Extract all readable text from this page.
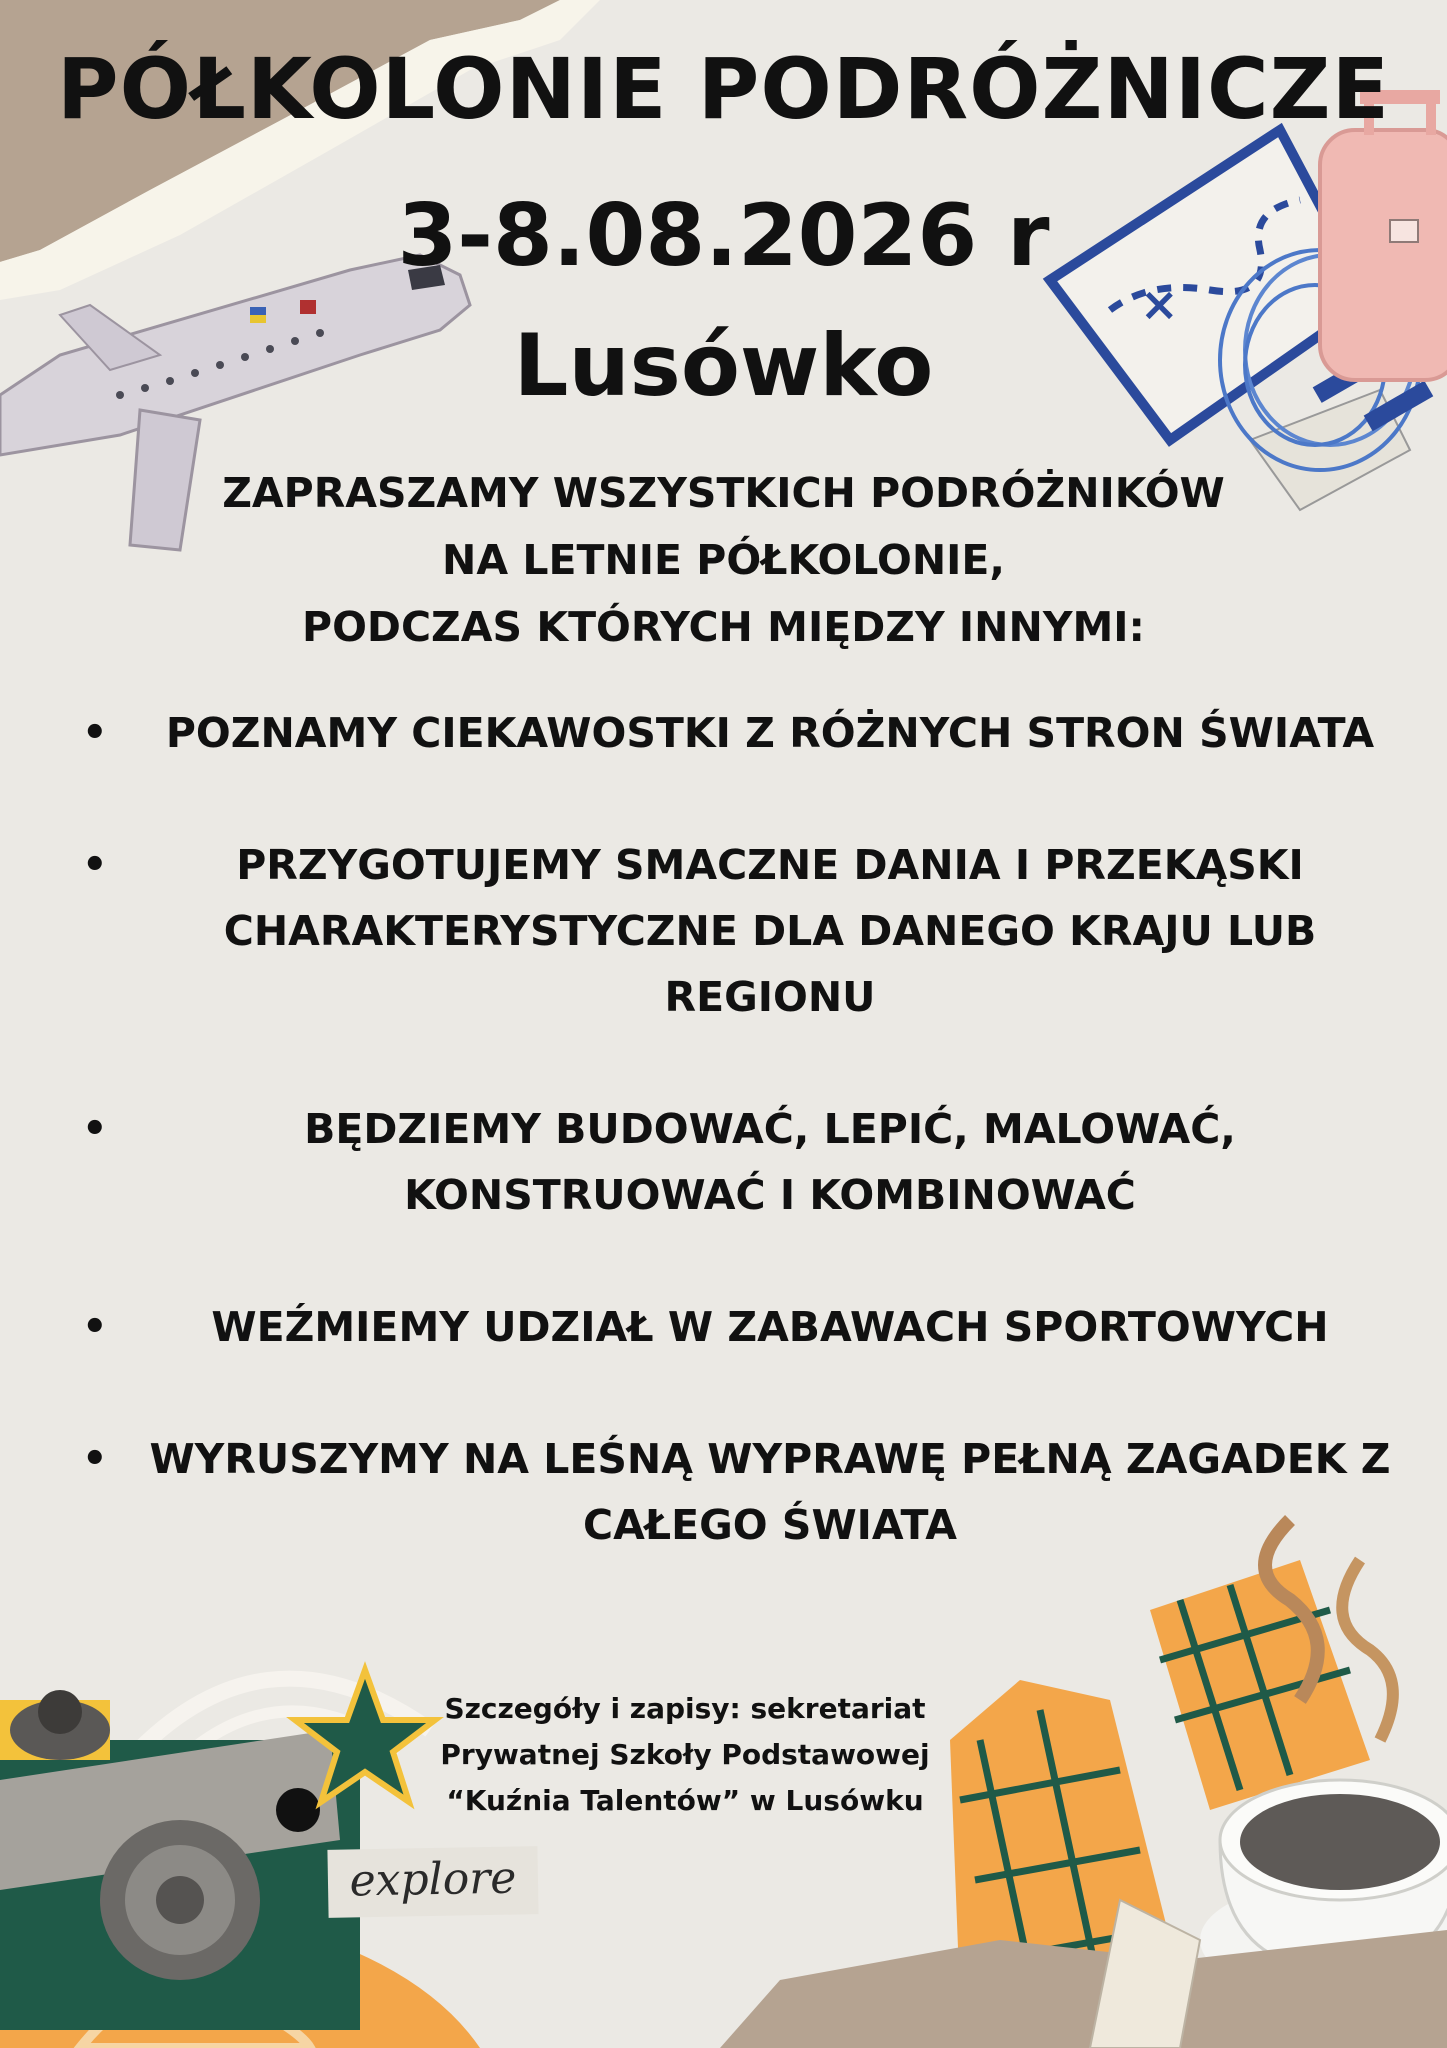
×
PÓŁKOLONIE PODRÓŻNICZE
3-8.08.2026 r
Lusówko
ZAPRASZAMY WSZYSTKICH PODRÓŻNIKÓW
NA LETNIE PÓŁKOLONIE,
PODCZAS KTÓRYCH MIĘDZY INNYMI:
•	POZNAMY CIEKAWOSTKI Z RÓŻNYCH STRON ŚWIATA
•	PRZYGOTUJEMY SMACZNE DANIA I PRZEKĄSKI
CHARAKTERYSTYCZNE DLA DANEGO KRAJU LUB
REGIONU
•	BĘDZIEMY BUDOWAĆ, LEPIĆ, MALOWAĆ,
KONSTRUOWAĆ I KOMBINOWAĆ
•	WEŹMIEMY UDZIAŁ W ZABAWACH SPORTOWYCH
•	WYRUSZYMY NA LEŚNĄ WYPRAWĘ PEŁNĄ ZAGADEK Z
CAŁEGO ŚWIATA
Szczegóły i zapisy: sekretariat
Prywatnej Szkoły Podstawowej
“Kuźnia Talentów” w Lusówku
explore
